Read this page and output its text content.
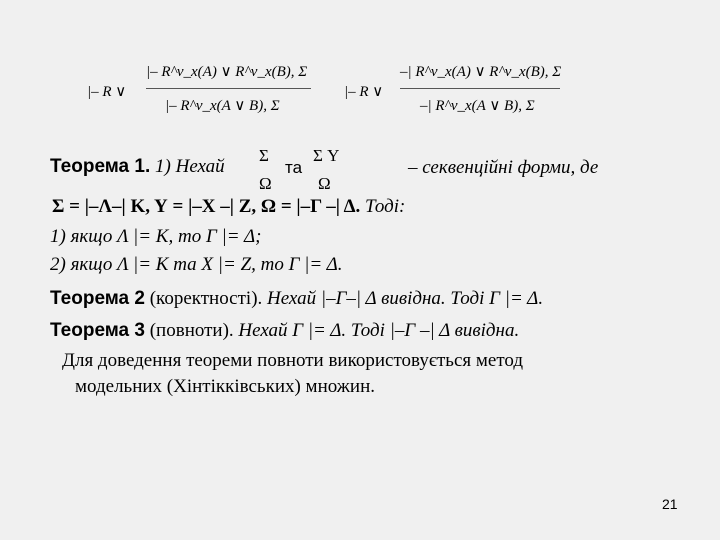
|– R ∨
|– R^ν_x(A) ∨ R^ν_x(B), Σ
|– R^ν_x(A ∨ B), Σ
|– R ∨
–| R^ν_x(A) ∨ R^ν_x(B), Σ
–| R^ν_x(A ∨ B), Σ
Теорема 1. 1) Нехай
Σ
Ω
та
Σ Y
Ω
– секвенційні форми, де
Σ = |–Λ–| Κ, Υ = |–Χ –| Ζ, Ω = |–Γ –| Δ. Тоді:
1) якщо Λ |= Κ, то Γ |= Δ;
2) якщо Λ |= Κ та Χ |= Ζ, то Γ |= Δ.
Теорема 2 (коректності). Нехай |–Γ–| Δ вивідна. Тоді Γ |= Δ.
Теорема 3 (повноти). Нехай Γ |= Δ. Тоді |–Γ –| Δ вивідна.
Для доведення теореми повноти використовується метод
модельних (Хінтікківських) множин.
21
